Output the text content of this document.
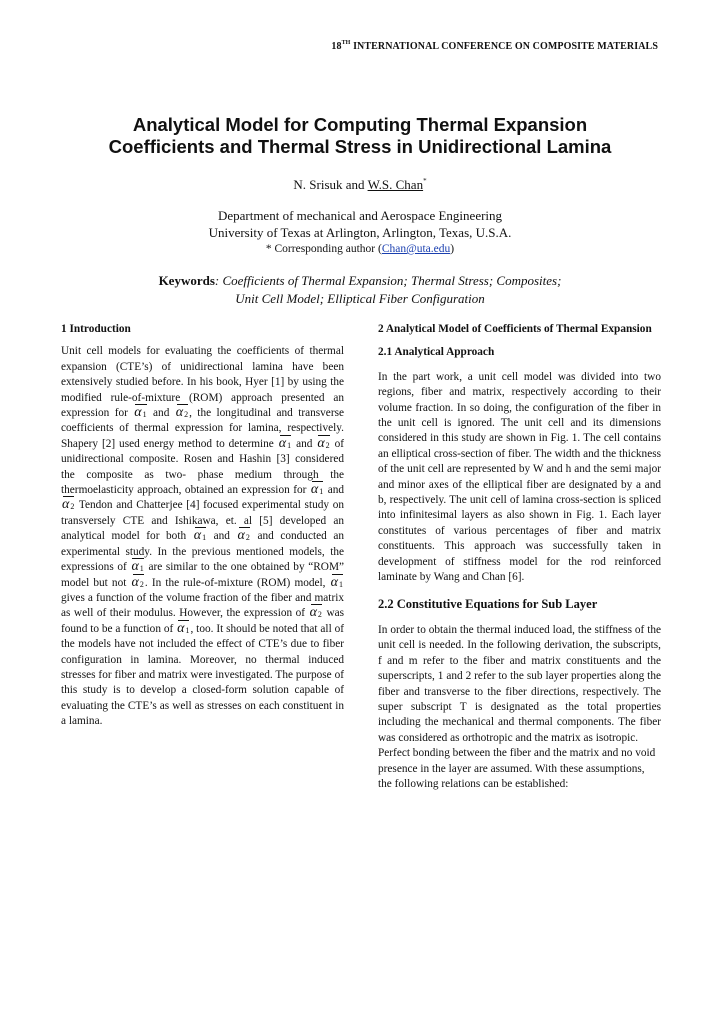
18TH INTERNATIONAL CONFERENCE ON COMPOSITE MATERIALS
Analytical Model for Computing Thermal Expansion
Coefficients and Thermal Stress in Unidirectional Lamina
N. Srisuk and W.S. Chan*
Department of mechanical and Aerospace Engineering
University of Texas at Arlington, Arlington, Texas, U.S.A.
* Corresponding author (Chan@uta.edu)
Keywords: Coefficients of Thermal Expansion; Thermal Stress; Composites;
Unit Cell Model; Elliptical Fiber Configuration

1 Introduction

Unit cell models for evaluating the coefficients of thermal expansion (CTE’s) of unidirectional lamina have been extensively studied before. In his book, Hyer [1] by using the modified rule-of-mixture (ROM) approach presented an expression for $\alpha_1$ and $\alpha_2$, the longitudinal and transverse coefficients of thermal expression for lamina, respectively. Shapery [2] used energy method to determine $\alpha_1$ and $\alpha_2$ of unidirectional composite. Rosen and Hashin [3] considered the composite as two- phase medium through the thermoelasticity approach, obtained an expression for $\alpha_1$ and $\alpha_2$ Tendon and Chatterjee [4] focused experimental study on transversely CTE and Ishikawa, et. al [5] developed an analytical model for both $\alpha_1$ and $\alpha_2$ and conducted an experimental study. In the previous mentioned models, the expressions of $\alpha_1$ are similar to the one obtained by “ROM” model but not $\alpha_2$. In the rule-of-mixture (ROM) model, $\alpha_1$ gives a function of the volume fraction of the fiber and matrix as well of their modulus. However, the expression of $\alpha_2$ was found to be a function of $\alpha_1$, too. It should be noted that all of the models have not included the effect of CTE’s due to fiber configuration in lamina. Moreover, no thermal induced stresses for fiber and matrix were investigated. The purpose of this study is to develop a closed-form solution capable of evaluating the CTE’s as well as stresses on each constituent in a lamina.

2 Analytical Model of Coefficients of Thermal Expansion

2.1 Analytical Approach

In the part work, a unit cell model was divided into two regions, fiber and matrix, respectively according to their volume fraction. In so doing, the configuration of the fiber in the unit cell is ignored. The unit cell and its dimensions considered in this study are shown in Fig. 1. The cell contains an elliptical cross-section of fiber. The width and the thickness of the unit cell are represented by W and h and the semi major and minor axes of the elliptical fiber are designated by a and b, respectively. The unit cell of lamina cross-section is spliced into infinitesimal layers as also shown in Fig. 1. Each layer constitutes of various percentages of fiber and matrix constituents. This approach was successfully taken in development of stiffness model for the rod reinforced laminate by Wang and Chan [6].

2.2 Constitutive Equations for Sub Layer

In order to obtain the thermal induced load, the stiffness of the unit cell is needed. In the following derivation, the subscripts, f and m refer to the fiber and matrix constituents and the superscripts, 1 and 2 refer to the sub layer properties along the fiber and transverse to the fiber directions, respectively. The super subscript T is designated as the total properties including the mechanical and thermal components. The fiber was considered as orthotropic and the matrix as isotropic.

Perfect bonding between the fiber and the matrix and no void presence in the layer are assumed. With these assumptions, the following relations can be established:
